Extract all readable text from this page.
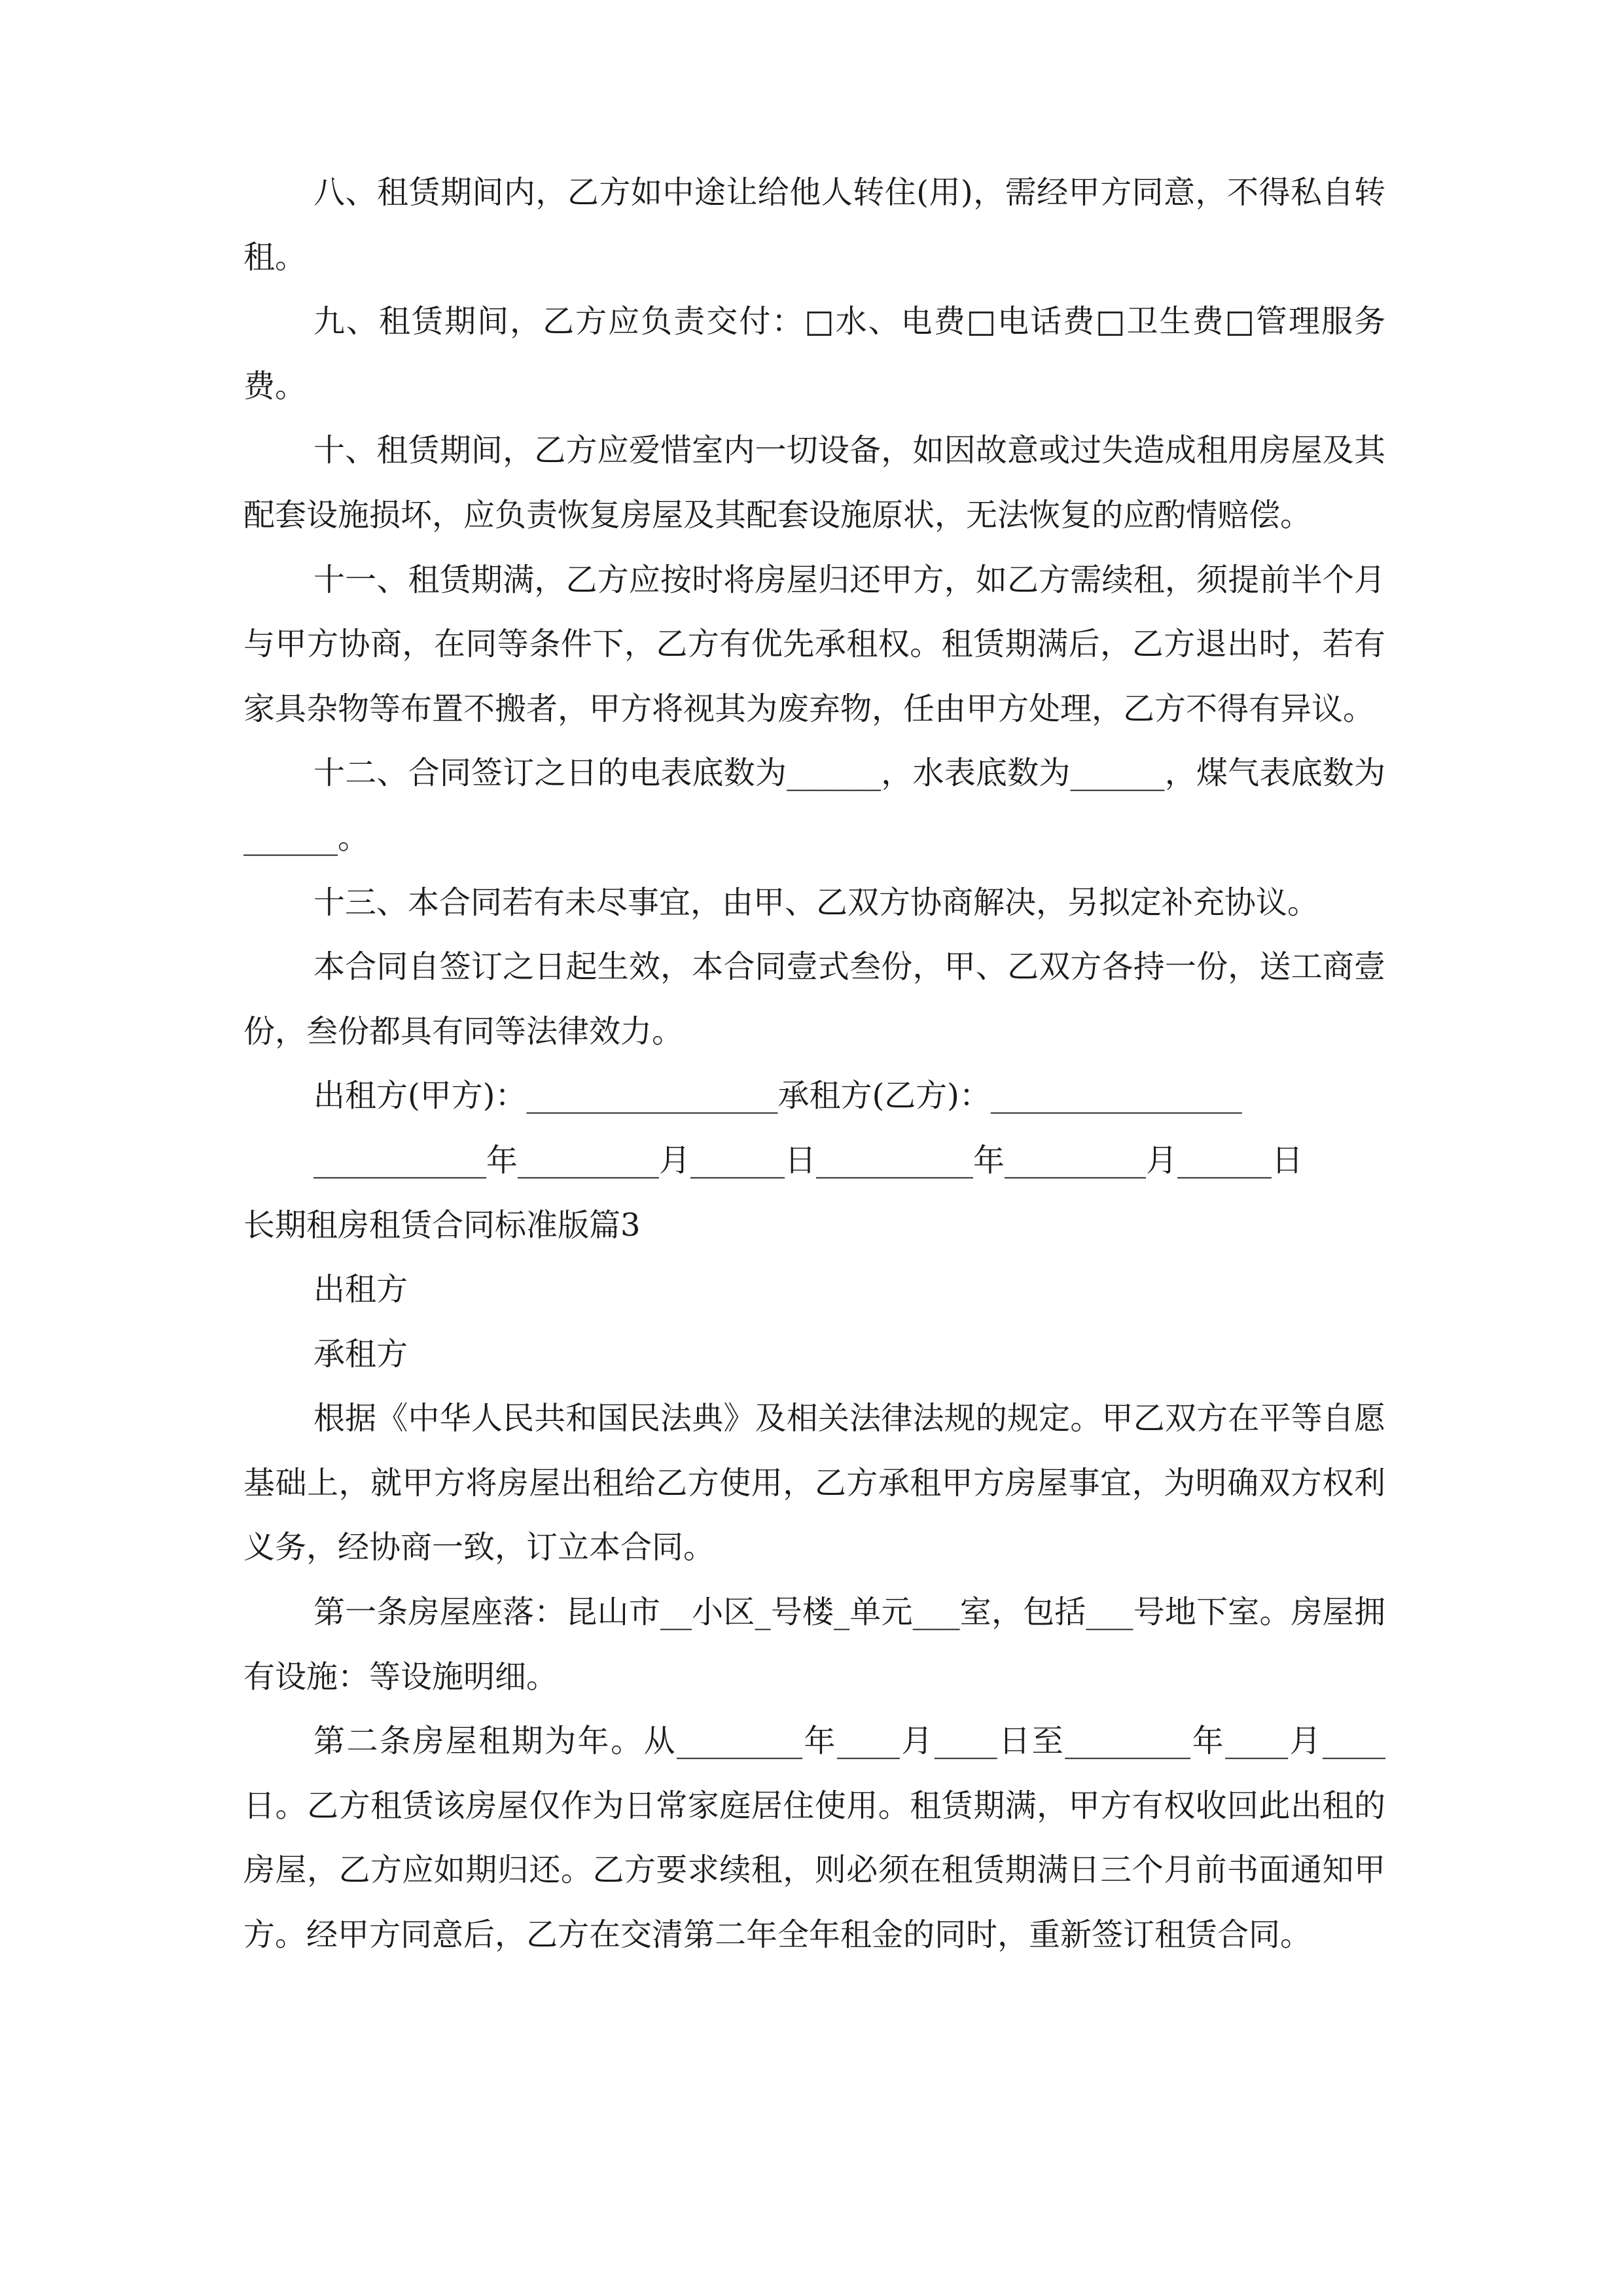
八、租赁期间内，乙方如中途让给他人转住(用)，需经甲方同意，不得私自转租。

九、租赁期间，乙方应负责交付：□水、电费□电话费□卫生费□管理服务费。

十、租赁期间，乙方应爱惜室内一切设备，如因故意或过失造成租用房屋及其配套设施损坏，应负责恢复房屋及其配套设施原状，无法恢复的应酌情赔偿。

十一、租赁期满，乙方应按时将房屋归还甲方，如乙方需续租，须提前半个月与甲方协商，在同等条件下，乙方有优先承租权。租赁期满后，乙方退出时，若有家具杂物等布置不搬者，甲方将视其为废弃物，任由甲方处理，乙方不得有异议。

十二、合同签订之日的电表底数为______，水表底数为______，煤气表底数为______。

十三、本合同若有未尽事宜，由甲、乙双方协商解决，另拟定补充协议。

本合同自签订之日起生效，本合同壹式叁份，甲、乙双方各持一份，送工商壹份，叁份都具有同等法律效力。

出租方(甲方)：________________承租方(乙方)：________________

___________年_________月______日__________年_________月______日

长期租房租赁合同标准版篇3

出租方

承租方

根据《中华人民共和国民法典》及相关法律法规的规定。甲乙双方在平等自愿基础上，就甲方将房屋出租给乙方使用，乙方承租甲方房屋事宜，为明确双方权利义务，经协商一致，订立本合同。

第一条房屋座落：昆山市__小区_号楼_单元___室，包括___号地下室。房屋拥有设施：等设施明细。

第二条房屋租期为年。从________年____月____日至________年____月____日。乙方租赁该房屋仅作为日常家庭居住使用。租赁期满，甲方有权收回此出租的房屋，乙方应如期归还。乙方要求续租，则必须在租赁期满日三个月前书面通知甲方。经甲方同意后，乙方在交清第二年全年租金的同时，重新签订租赁合同。
